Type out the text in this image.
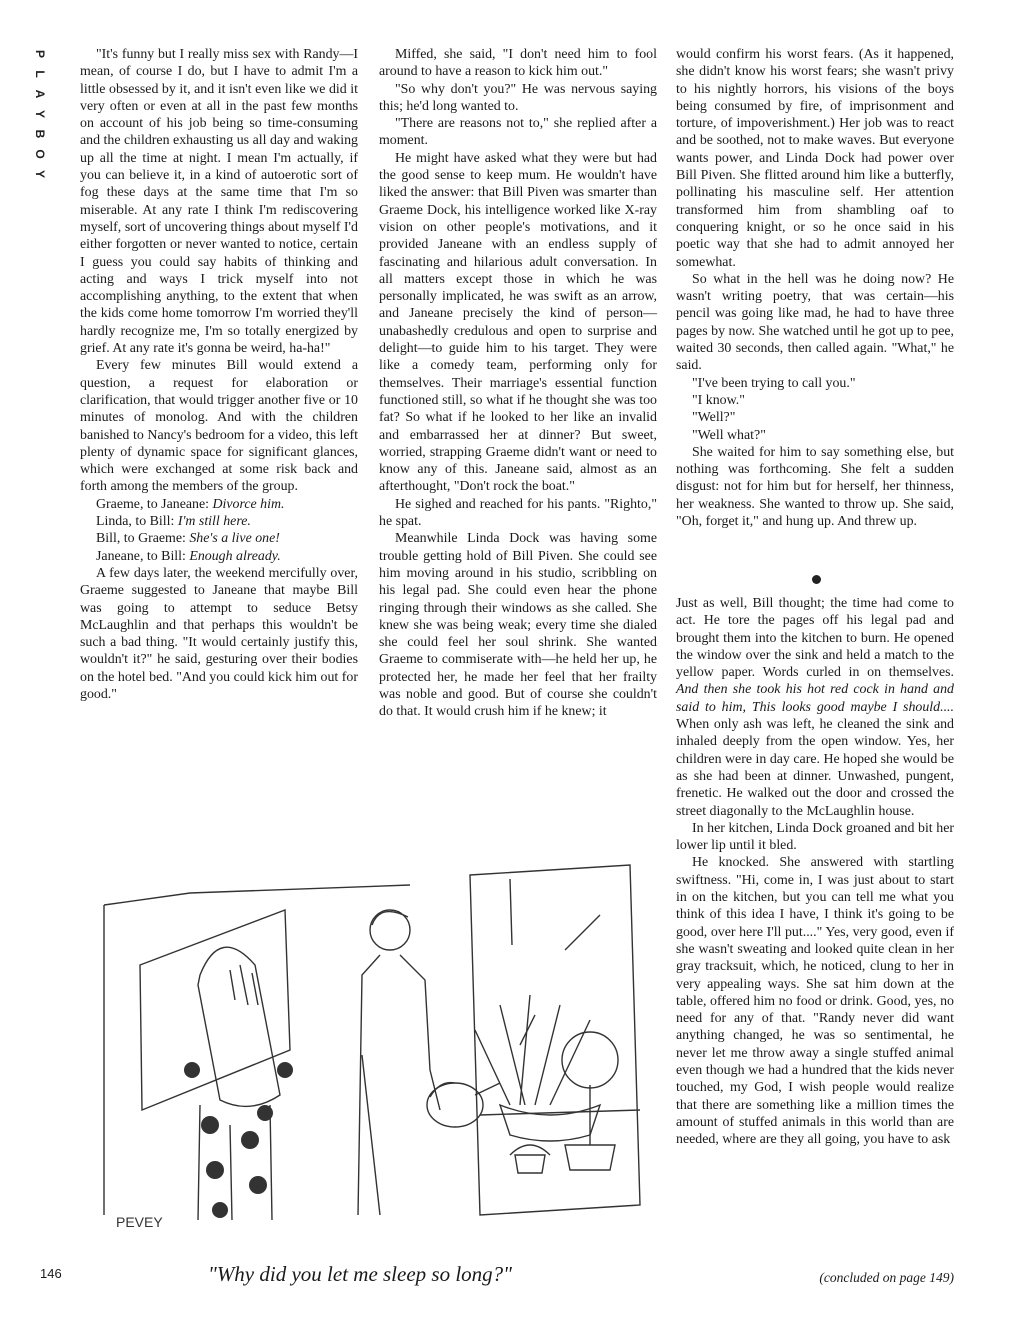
P
L
A
Y
B
O
Y

"It's funny but I really miss sex with Randy—I mean, of course I do, but I have to admit I'm a little obsessed by it, and it isn't even like we did it very often or even at all in the past few months on account of his job being so time-consuming and the children exhausting us all day and waking up all the time at night. I mean I'm actually, if you can believe it, in a kind of autoerotic sort of fog these days at the same time that I'm so miserable. At any rate I think I'm rediscovering myself, sort of uncovering things about myself I'd either forgotten or never wanted to notice, certain I guess you could say habits of thinking and acting and ways I trick myself into not accomplishing anything, to the extent that when the kids come home tomorrow I'm worried they'll hardly recognize me, I'm so totally energized by grief. At any rate it's gonna be weird, ha-ha!"

Every few minutes Bill would extend a question, a request for elaboration or clarification, that would trigger another five or 10 minutes of monolog. And with the children banished to Nancy's bedroom for a video, this left plenty of dynamic space for significant glances, which were exchanged at some risk back and forth among the members of the group.

Graeme, to Janeane: Divorce him.

Linda, to Bill: I'm still here.

Bill, to Graeme: She's a live one!

Janeane, to Bill: Enough already.

A few days later, the weekend mercifully over, Graeme suggested to Janeane that maybe Bill was going to attempt to seduce Betsy McLaughlin and that perhaps this wouldn't be such a bad thing. "It would certainly justify this, wouldn't it?" he said, gesturing over their bodies on the hotel bed. "And you could kick him out for good."

Miffed, she said, "I don't need him to fool around to have a reason to kick him out."

"So why don't you?" He was nervous saying this; he'd long wanted to.

"There are reasons not to," she replied after a moment.

He might have asked what they were but had the good sense to keep mum. He wouldn't have liked the answer: that Bill Piven was smarter than Graeme Dock, his intelligence worked like X-ray vision on other people's motivations, and it provided Janeane with an endless supply of fascinating and hilarious adult conversation. In all matters except those in which he was personally implicated, he was swift as an arrow, and Janeane precisely the kind of person—unabashedly credulous and open to surprise and delight—to guide him to his target. They were like a comedy team, performing only for themselves. Their marriage's essential function functioned still, so what if he thought she was too fat? So what if he looked to her like an invalid and embarrassed her at dinner? But sweet, worried, strapping Graeme didn't want or need to know any of this. Janeane said, almost as an afterthought, "Don't rock the boat."

He sighed and reached for his pants. "Righto," he spat.

Meanwhile Linda Dock was having some trouble getting hold of Bill Piven. She could see him moving around in his studio, scribbling on his legal pad. She could even hear the phone ringing through their windows as she called. She knew she was being weak; every time she dialed she could feel her soul shrink. She wanted Graeme to commiserate with—he held her up, he protected her, he made her feel that her frailty was noble and good. But of course she couldn't do that. It would crush him if he knew; it

would confirm his worst fears. (As it happened, she didn't know his worst fears; she wasn't privy to his nightly horrors, his visions of the boys being consumed by fire, of imprisonment and torture, of impoverishment.) Her job was to react and be soothed, not to make waves. But everyone wants power, and Linda Dock had power over Bill Piven. She flitted around him like a butterfly, pollinating his masculine self. Her attention transformed him from shambling oaf to conquering knight, or so he once said in his poetic way that she had to admit annoyed her somewhat.

So what in the hell was he doing now? He wasn't writing poetry, that was certain—his pencil was going like mad, he had to have three pages by now. She watched until he got up to pee, waited 30 seconds, then called again. "What," he said.

"I've been trying to call you."

"I know."

"Well?"

"Well what?"

She waited for him to say something else, but nothing was forthcoming. She felt a sudden disgust: not for him but for herself, her thinness, her weakness. She wanted to throw up. She said, "Oh, forget it," and hung up. And threw up.

Just as well, Bill thought; the time had come to act. He tore the pages off his legal pad and brought them into the kitchen to burn. He opened the window over the sink and held a match to the yellow paper. Words curled in on themselves. And then she took his hot red cock in hand and said to him, This looks good maybe I should.... When only ash was left, he cleaned the sink and inhaled deeply from the open window. Yes, her children were in day care. He hoped she would be as she had been at dinner. Unwashed, pungent, frenetic. He walked out the door and crossed the street diagonally to the McLaughlin house.

In her kitchen, Linda Dock groaned and bit her lower lip until it bled.

He knocked. She answered with startling swiftness. "Hi, come in, I was just about to start in on the kitchen, but you can tell me what you think of this idea I have, I think it's going to be good, over here I'll put...." Yes, very good, even if she wasn't sweating and looked quite clean in her gray tracksuit, which, he noticed, clung to her in very appealing ways. She sat him down at the table, offered him no food or drink. Good, yes, no need for any of that. "Randy never did want anything changed, he was so sentimental, he never let me throw away a single stuffed animal even though we had a hundred that the kids never touched, my God, I wish people would realize that there are something like a million times the amount of stuffed animals in this world than are needed, where are they all going, you have to ask

PEVEY
146	"Why did you let me sleep so long?"	(concluded on page 149)
